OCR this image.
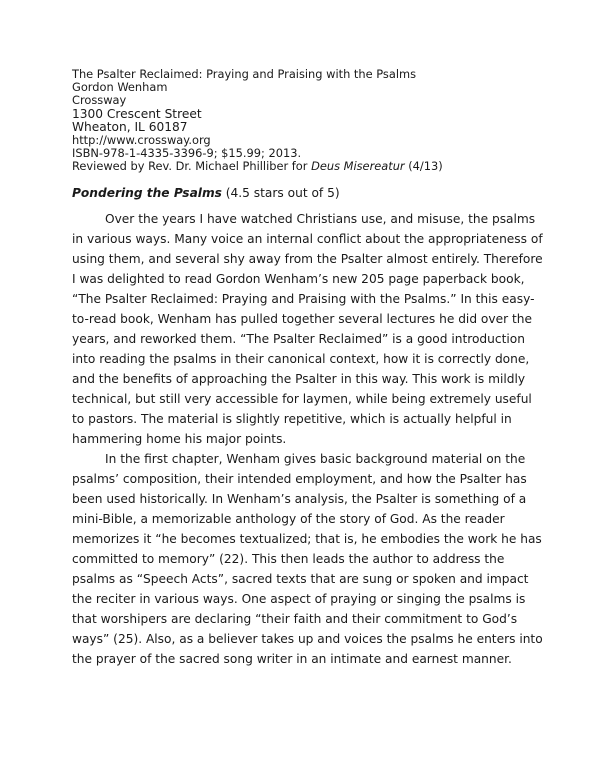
The Psalter Reclaimed: Praying and Praising with the Psalms

Gordon Wenham

Crossway

1300 Crescent Street

Wheaton, IL 60187

http://www.crossway.org

ISBN-978-1-4335-3396-9; $15.99; 2013.

Reviewed by Rev. Dr. Michael Philliber for Deus Misereatur (4/13)

Pondering the Psalms (4.5 stars out of 5)

Over the years I have watched Christians use, and misuse, the psalms in various ways. Many voice an internal conflict about the appropriateness of using them, and several shy away from the Psalter almost entirely. Therefore I was delighted to read Gordon Wenham’s new 205 page paperback book, “The Psalter Reclaimed: Praying and Praising with the Psalms.” In this easy-to-read book, Wenham has pulled together several lectures he did over the years, and reworked them. “The Psalter Reclaimed” is a good introduction into reading the psalms in their canonical context, how it is correctly done, and the benefits of approaching the Psalter in this way. This work is mildly technical, but still very accessible for laymen, while being extremely useful to pastors. The material is slightly repetitive, which is actually helpful in hammering home his major points.

In the first chapter, Wenham gives basic background material on the psalms’ composition, their intended employment, and how the Psalter has been used historically. In Wenham’s analysis, the Psalter is something of a mini-Bible, a memorizable anthology of the story of God. As the reader memorizes it “he becomes textualized; that is, he embodies the work he has committed to memory” (22). This then leads the author to address the psalms as “Speech Acts”, sacred texts that are sung or spoken and impact the reciter in various ways. One aspect of praying or singing the psalms is that worshipers are declaring “their faith and their commitment to God’s ways” (25). Also, as a believer takes up and voices the psalms he enters into the prayer of the sacred song writer in an intimate and earnest manner.
